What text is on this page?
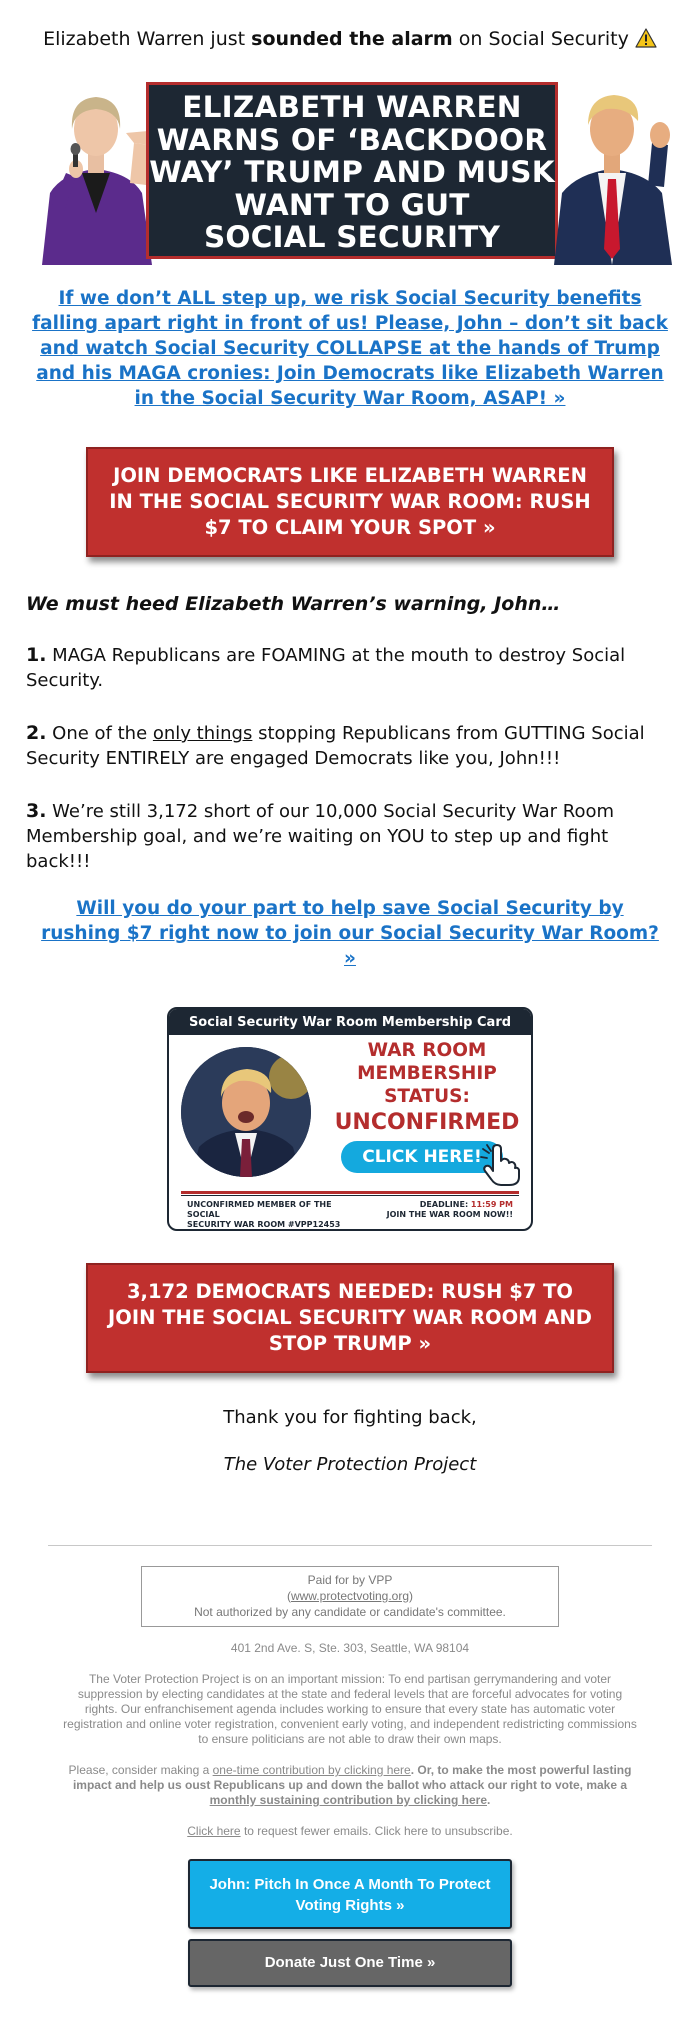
Elizabeth Warren just sounded the alarm on Social Security
ELIZABETH WARREN
WARNS OF ‘BACKDOOR
WAY’ TRUMP AND MUSK
WANT TO GUT
SOCIAL SECURITY
If we don’t ALL step up, we risk Social Security benefits falling apart right in front of us! Please, John – don’t sit back and watch Social Security COLLAPSE at the hands of Trump and his MAGA cronies: Join Democrats like Elizabeth Warren in the Social Security War Room, ASAP! »
JOIN DEMOCRATS LIKE ELIZABETH WARREN IN THE SOCIAL SECURITY WAR ROOM: RUSH $7 TO CLAIM YOUR SPOT »
We must heed Elizabeth Warren’s warning, John…
1. MAGA Republicans are FOAMING at the mouth to destroy Social Security.
2. One of the only things stopping Republicans from GUTTING Social Security ENTIRELY are engaged Democrats like you, John!!!
3. We’re still 3,172 short of our 10,000 Social Security War Room Membership goal, and we’re waiting on YOU to step up and fight back!!!
Will you do your part to help save Social Security by rushing $7 right now to join our Social Security War Room? »
Social Security War Room Membership Card
WAR ROOM
MEMBERSHIP
STATUS:
UNCONFIRMED
CLICK HERE!
UNCONFIRMED MEMBER OF THE SOCIAL
SECURITY WAR ROOM #VPP12453
DEADLINE: 11:59 PM
JOIN THE WAR ROOM NOW!!
3,172 DEMOCRATS NEEDED: RUSH $7 TO JOIN THE SOCIAL SECURITY WAR ROOM AND STOP TRUMP »
Thank you for fighting back,
The Voter Protection Project
Paid for by VPP
(www.protectvoting.org)
Not authorized by any candidate or candidate's committee.
401 2nd Ave. S, Ste. 303, Seattle, WA 98104
The Voter Protection Project is on an important mission: To end partisan gerrymandering and voter suppression by electing candidates at the state and federal levels that are forceful advocates for voting rights. Our enfranchisement agenda includes working to ensure that every state has automatic voter registration and online voter registration, convenient early voting, and independent redistricting commissions to ensure politicians are not able to draw their own maps.
Please, consider making a one-time contribution by clicking here. Or, to make the most powerful lasting impact and help us oust Republicans up and down the ballot who attack our right to vote, make a monthly sustaining contribution by clicking here.
Click here to request fewer emails. Click here to unsubscribe.
John: Pitch In Once A Month To Protect Voting Rights »
Donate Just One Time »
